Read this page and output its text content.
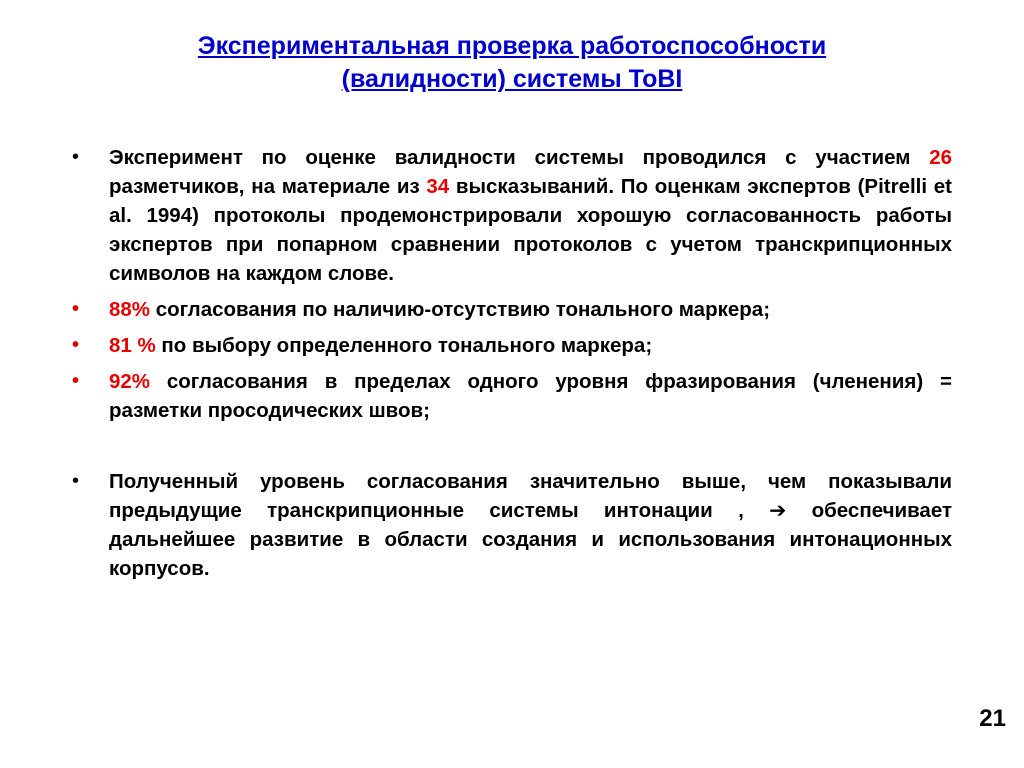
Экспериментальная проверка работоспособности
(валидности) системы ToBI
• Эксперимент по оценке валидности системы проводился с участием 26 разметчиков, на материале из 34 высказываний. По оценкам экспертов (Pitrelli et al. 1994) протоколы продемонстрировали хорошую согласованность работы экспертов при попарном сравнении протоколов с учетом транскрипционных символов на каждом слове.
• 88% согласования по наличию-отсутствию тонального маркера;
• 81 % по выбору определенного тонального маркера;
• 92% согласования в пределах одного уровня фразирования (членения) = разметки просодических швов;
• Полученный уровень согласования значительно выше, чем показывали предыдущие транскрипционные системы интонации , ➔ обеспечивает дальнейшее развитие в области создания и использования интонационных корпусов.
21
